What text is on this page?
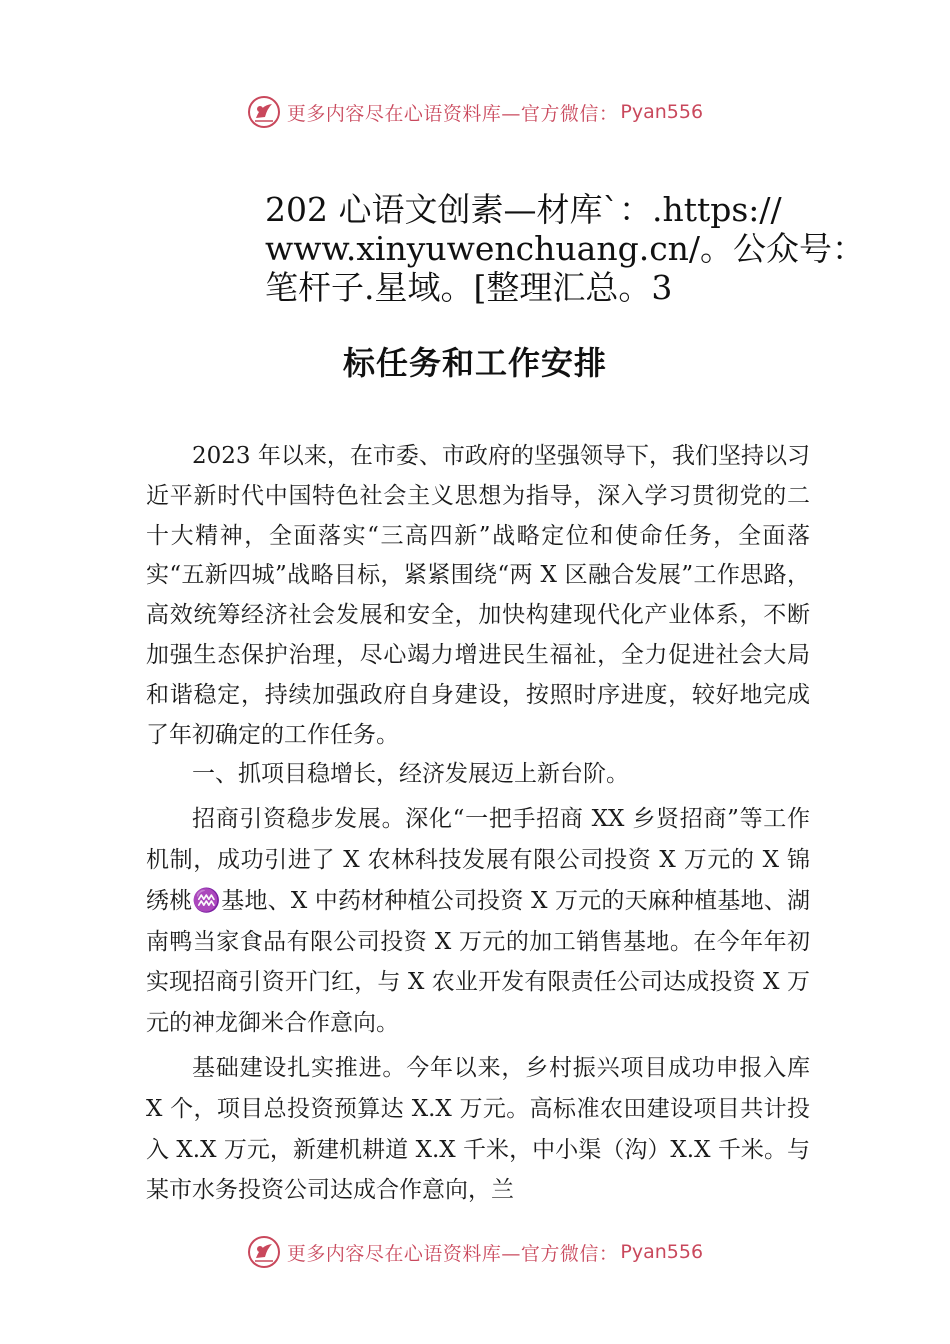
更多内容尽在心语资料库—官方微信： Pyan556
202 心语文创素—材库`：.https://
www.xinyuwenchuang.cn/。公众号：
笔杆子.星域。[整理汇总。3
标任务和工作安排

2023 年以来，在市委、市政府的坚强领导下，我们坚持以习近平新时代中国特色社会主义思想为指导，深入学习贯彻党的二十大精神，全面落实“三高四新”战略定位和使命任务，全面落实“五新四城”战略目标，紧紧围绕“两 X 区融合发展”工作思路，高效统筹经济社会发展和安全，加快构建现代化产业体系，不断加强生态保护治理，尽心竭力增进民生福祉，全力促进社会大局和谐稳定，持续加强政府自身建设，按照时序进度，较好地完成了年初确定的工作任务。

一、抓项目稳增长，经济发展迈上新台阶。

招商引资稳步发展。深化“一把手招商 XX 乡贤招商”等工作机制，成功引进了 X 农林科技发展有限公司投资 X 万元的 X 锦绣桃♒基地、X 中药材种植公司投资 X 万元的天麻种植基地、湖南鸭当家食品有限公司投资 X 万元的加工销售基地。在今年年初实现招商引资开门红，与 X 农业开发有限责任公司达成投资 X 万元的神龙御米合作意向。

基础建设扎实推进。今年以来，乡村振兴项目成功申报入库 X 个，项目总投资预算达 X.X 万元。高标准农田建设项目共计投入 X.X 万元，新建机耕道 X.X 千米，中小渠（沟）X.X 千米。与某市水务投资公司达成合作意向，兰

更多内容尽在心语资料库—官方微信： Pyan556
